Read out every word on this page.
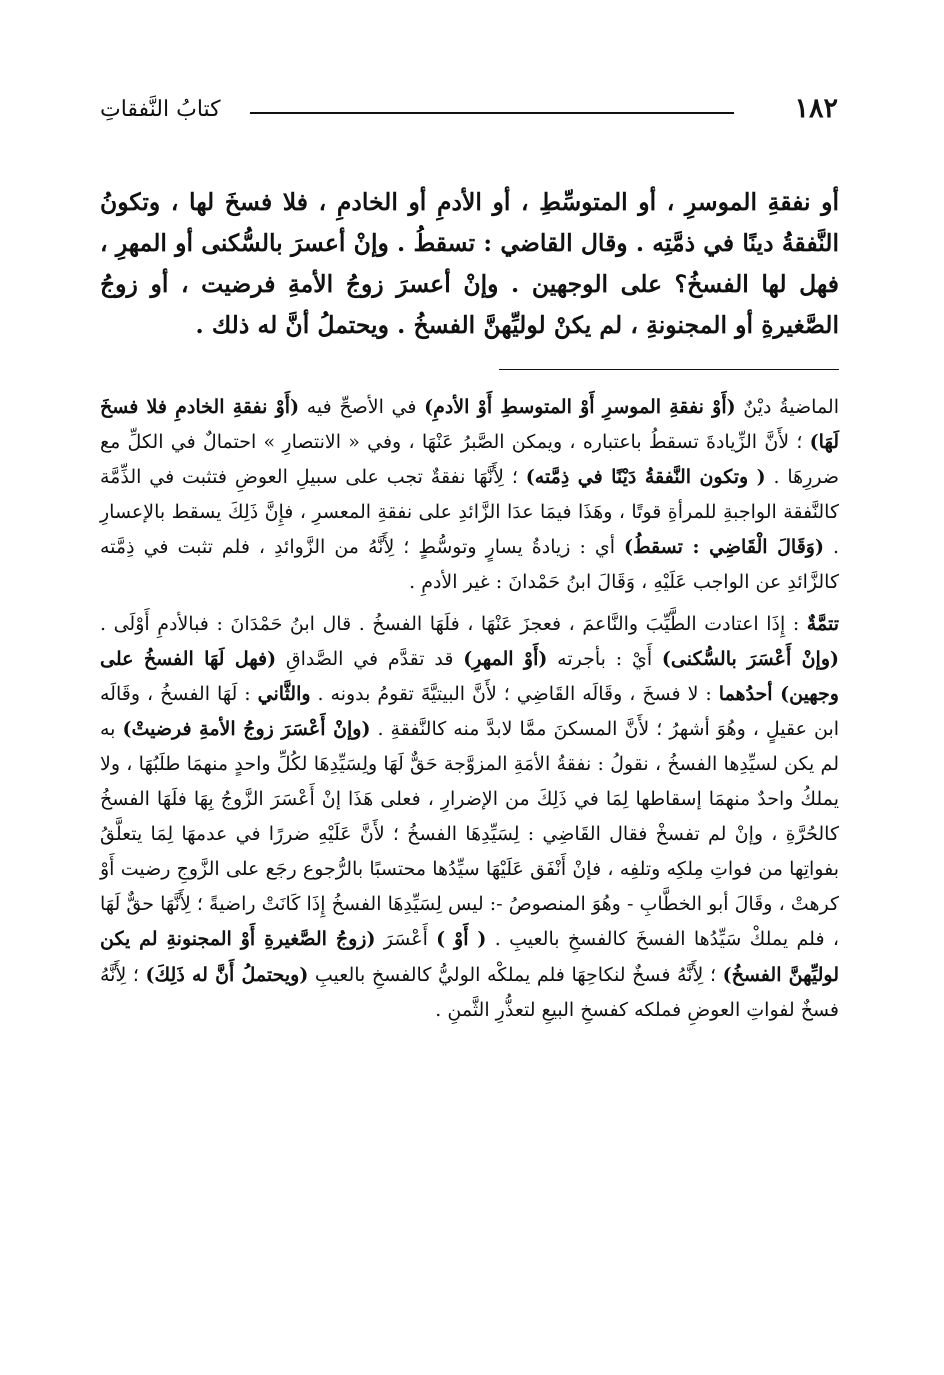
١٨٢
كتابُ النَّفقاتِ
أو نفقةِ الموسرِ ، أو المتوسِّطِ ، أو الأدمِ أو الخادمِ ، فلا فسخَ لها ، وتكونُ النَّفقةُ دينًا في ذمَّتِه . وقال القاضي : تسقطُ . وإنْ أعسرَ بالسُّكنى أو المهرِ ، فهل لها الفسخُ؟ على الوجهين . وإنْ أعسرَ زوجُ الأمةِ فرضيت ، أو زوجُ الصَّغيرةِ أو المجنونةِ ، لم يكنْ لوليِّهنَّ الفسخُ . ويحتملُ أنَّ له ذلك .

الماضيةُ ديْنٌ (أَوْ نفقةِ الموسرِ أَوْ المتوسطِ أَوْ الأدمِ) في الأصحِّ فيه (أَوْ نفقةِ الخادمِ فلا فسخَ لَهَا) ؛ لأَنَّ الزِّيادةَ تسقطُ باعتباره ، ويمكن الصَّبرُ عَنْهَا ، وفي « الانتصارِ » احتمالٌ في الكلِّ مع ضررِهَا . ( وتكون النَّفقةُ دَيْنًا في ذِمَّته) ؛ لِأَنَّهَا نفقةٌ تجب على سبيلِ العوضِ فتثبت في الذِّمَّة كالنَّفقة الواجبةِ للمرأةِ قوتًا ، وهَذَا فيمَا عدَا الزَّائدِ على نفقةِ المعسرِ ، فإِنَّ ذَلِكَ يسقط بالإعسارِ . (وَقَالَ الْقَاضِي : تسقطُ) أي : زيادةُ يسارٍ وتوسُّطٍ ؛ لِأَنَّهُ من الزَّوائدِ ، فلم تثبت في ذِمَّته كالزَّائدِ عن الواجب عَلَيْهِ ، وَقَالَ ابنُ حَمْدانَ : غير الأدمِ .

تتمَّةٌ : إِذَا اعتادت الطَّيِّبَ والنَّاعمَ ، فعجزَ عَنْهَا ، فلَهَا الفسخُ . قال ابنُ حَمْدَانَ : فبالأدمِ أَوْلَى . (وإنْ أَعْسَرَ بالسُّكنى) أَيْ : بأجرته (أَوْ المهرِ) قد تقدَّم في الصَّداقِ (فهل لَهَا الفسخُ على وجهين) أحدُهما : لا فسخَ ، وقَالَه القَاضِي ؛ لأَنَّ البيتيَّةَ تقومُ بدونه . والثَّاني : لَهَا الفسخُ ، وقَالَه ابن عقيلٍ ، وهُوَ أشهرُ ؛ لأَنَّ المسكنَ ممَّا لابدَّ منه كالنَّفقةِ . (وإنْ أَعْسَرَ زوجُ الأمةِ فرضيتْ) به لم يكن لسيِّدِها الفسخُ ، نقولُ : نفقةُ الأمَةِ المزوَّجة حَقٌّ لَهَا ولِسَيِّدِهَا لكُلِّ واحدٍ منهمَا طلَبُهَا ، ولا يملكُ واحدٌ منهمَا إسقاطها لِمَا في ذَلِكَ من الإضرارِ ، فعلى هَذَا إنْ أَعْسَرَ الزَّوجُ بِهَا فلَهَا الفسخُ كالحُرَّةِ ، وإنْ لم تفسخْ فقال القَاضِي : لِسَيِّدِهَا الفسخُ ؛ لأَنَّ عَلَيْهِ ضررًا في عدمهَا لِمَا يتعلَّقُ بفواتِها من فواتِ مِلكِه وتلفِه ، فإنْ أَنْفَق عَلَيْهَا سيِّدُها محتسبًا بالرُّجوع رجَع على الزَّوجِ رضيت أَوْ كرهتْ ، وقَالَ أبو الخطَّابِ - وهُوَ المنصوصُ -: ليس لِسَيِّدِهَا الفسخُ إِذَا كَانَتْ راضيةً ؛ لِأَنَّهَا حقٌّ لَهَا ، فلم يملكْ سَيِّدُها الفسخَ كالفسخِ بالعيبِ . ( أَوْ ) أَعْسَرَ (زوجُ الصَّغيرةِ أَوْ المجنونةِ لم يكن لوليِّهنَّ الفسخُ) ؛ لِأَنَّهُ فسخٌ لنكاحِهَا فلم يملكْه الوليُّ كالفسخِ بالعيبِ (ويحتملُ أَنَّ له ذَلِكَ) ؛ لِأَنَّهُ فسخٌ لفواتِ العوضِ فملكه كفسخِ البيعِ لتعذُّرِ الثَّمنِ .
